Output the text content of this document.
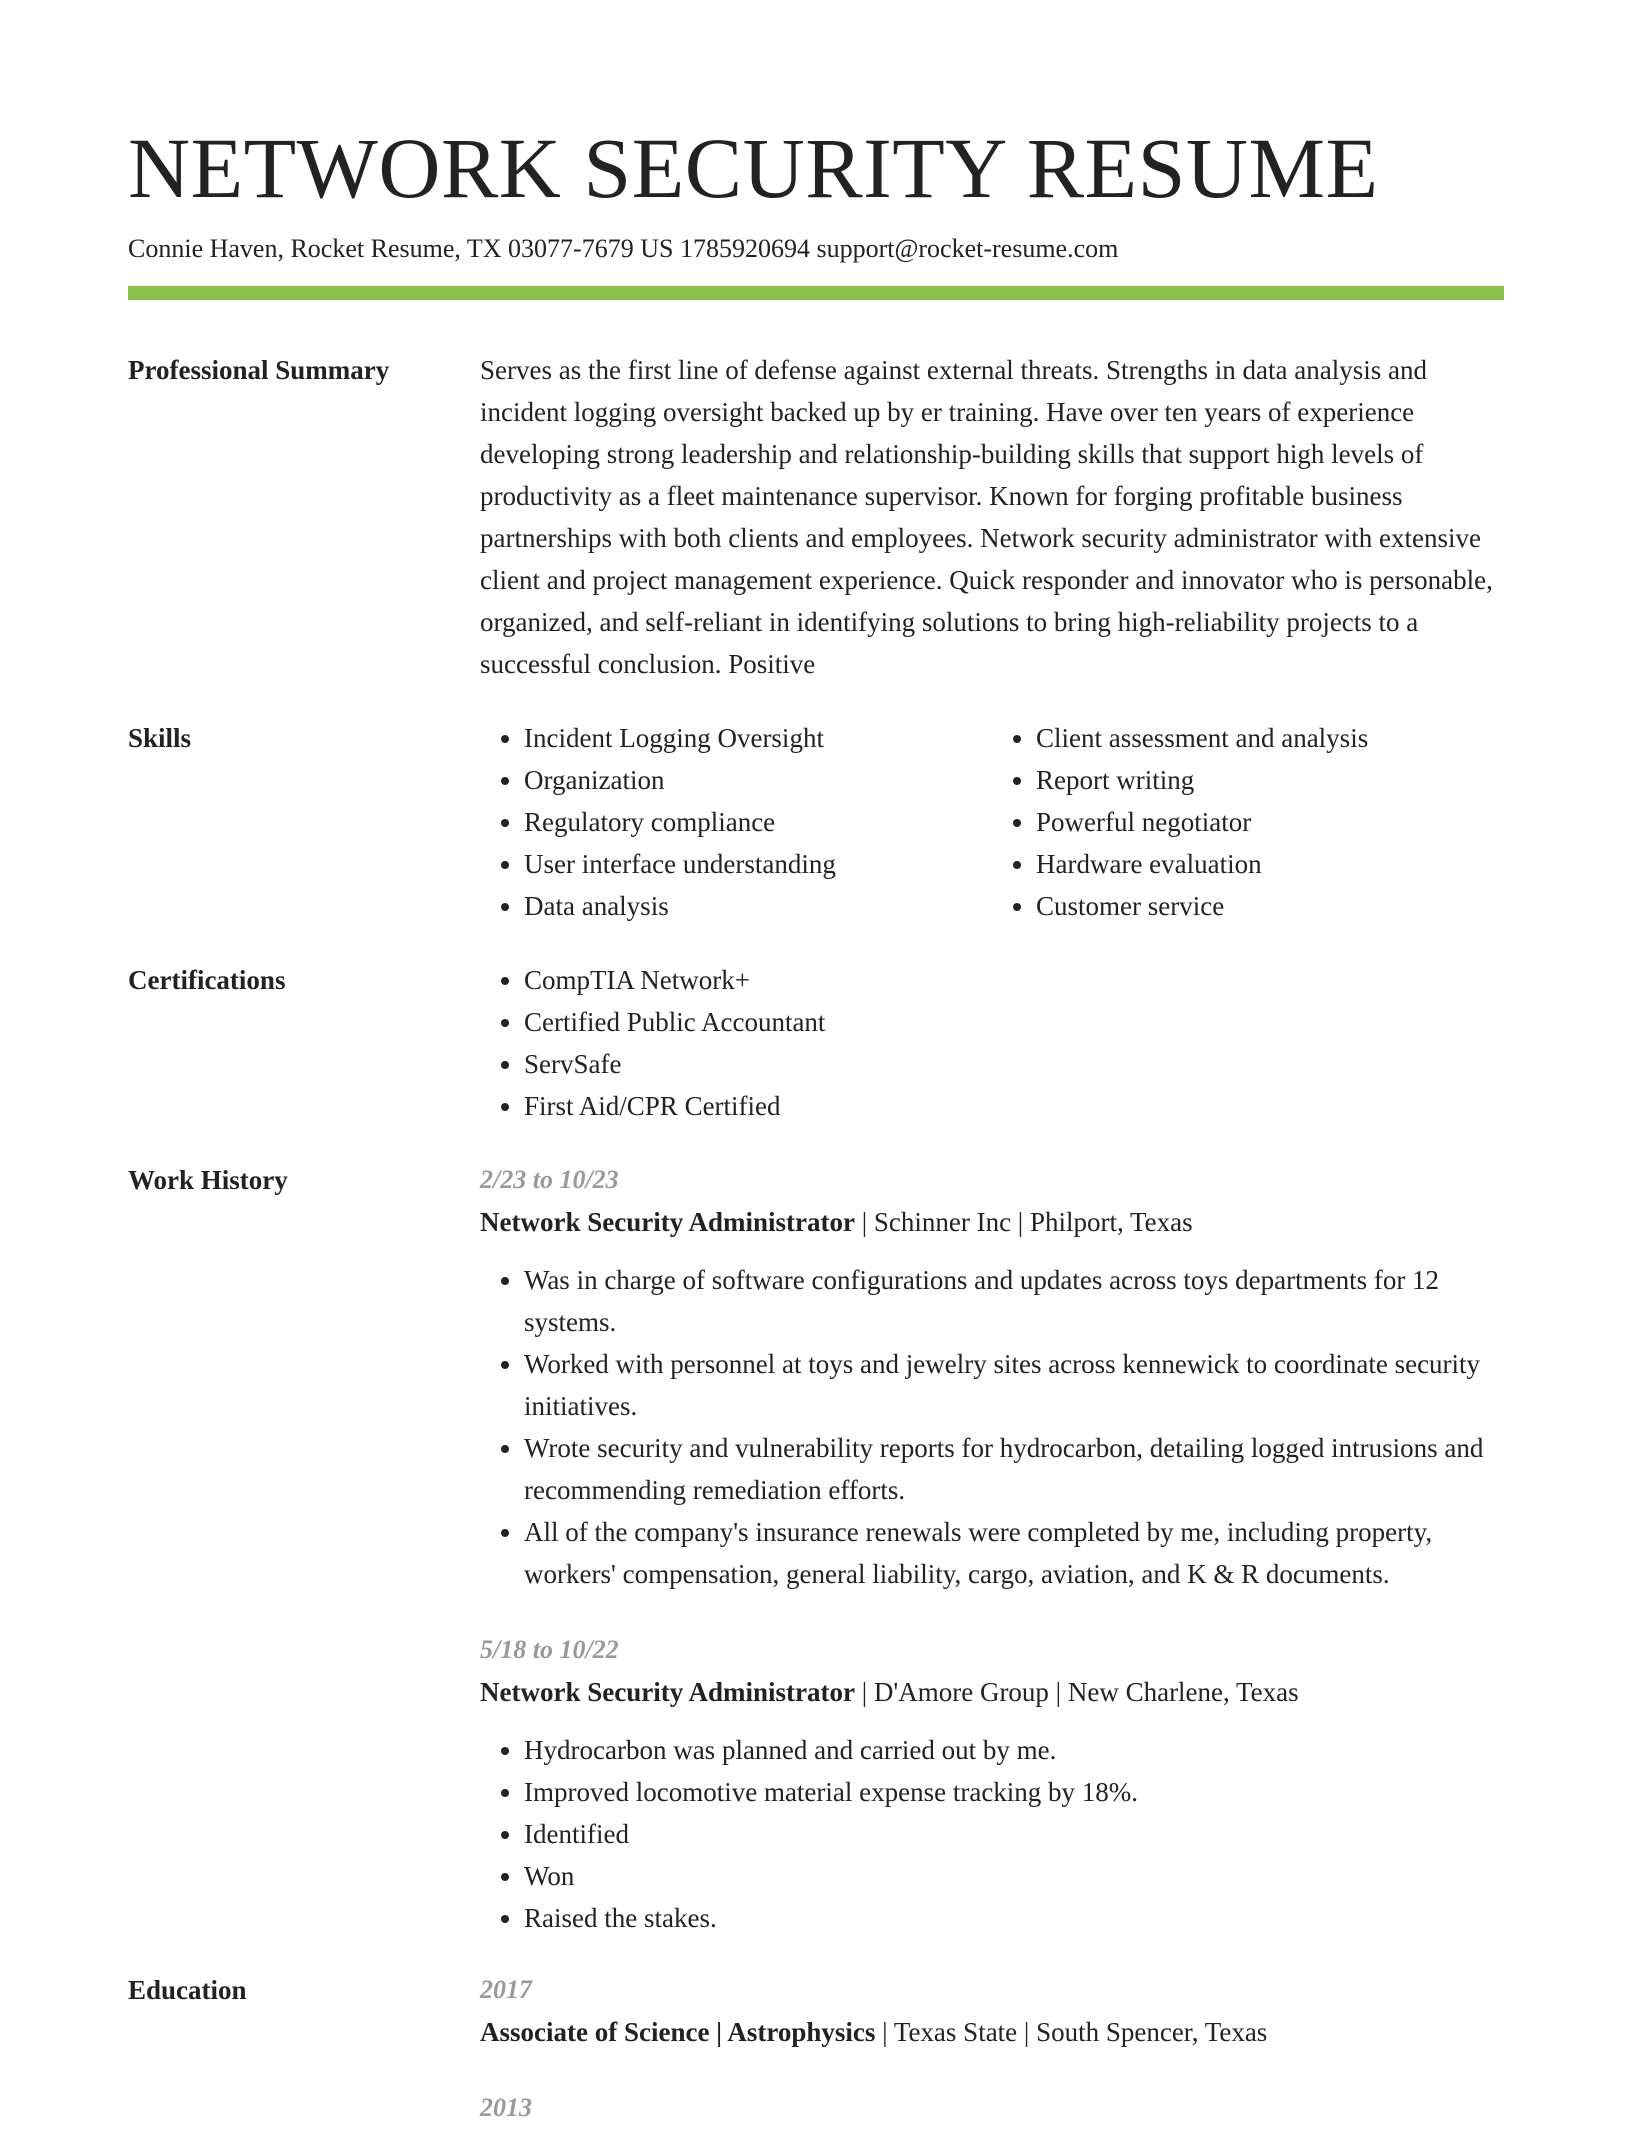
NETWORK SECURITY RESUME
Connie Haven, Rocket Resume, TX 03077-7679 US 1785920694 support@rocket-resume.com
Professional Summary	Serves as the first line of defense against external threats. Strengths in data analysis and incident logging oversight backed up by er training. Have over ten years of experience developing strong leadership and relationship-building skills that support high levels of productivity as a fleet maintenance supervisor. Known for forging profitable business partnerships with both clients and employees. Network security administrator with extensive client and project management experience. Quick responder and innovator who is personable, organized, and self-reliant in identifying solutions to bring high-reliability projects to a successful conclusion. Positive

Skills	• Incident Logging Oversight
• Organization
• Regulatory compliance
• User interface understanding
• Data analysis
• Client assessment and analysis
• Report writing
• Powerful negotiator
• Hardware evaluation
• Customer service
Certifications	• CompTIA Network+
• Certified Public Accountant
• ServSafe
• First Aid/CPR Certified
Work History	2/23 to 10/23
Network Security Administrator | Schinner Inc | Philport, Texas
• Was in charge of software configurations and updates across toys departments for 12 systems.
• Worked with personnel at toys and jewelry sites across kennewick to coordinate security initiatives.
• Wrote security and vulnerability reports for hydrocarbon, detailing logged intrusions and recommending remediation efforts.
• All of the company's insurance renewals were completed by me, including property, workers' compensation, general liability, cargo, aviation, and K & R documents.
5/18 to 10/22
Network Security Administrator | D'Amore Group | New Charlene, Texas
• Hydrocarbon was planned and carried out by me.
• Improved locomotive material expense tracking by 18%.
• Identified
• Won
• Raised the stakes.
Education	2017
Associate of Science | Astrophysics | Texas State | South Spencer, Texas
2013
